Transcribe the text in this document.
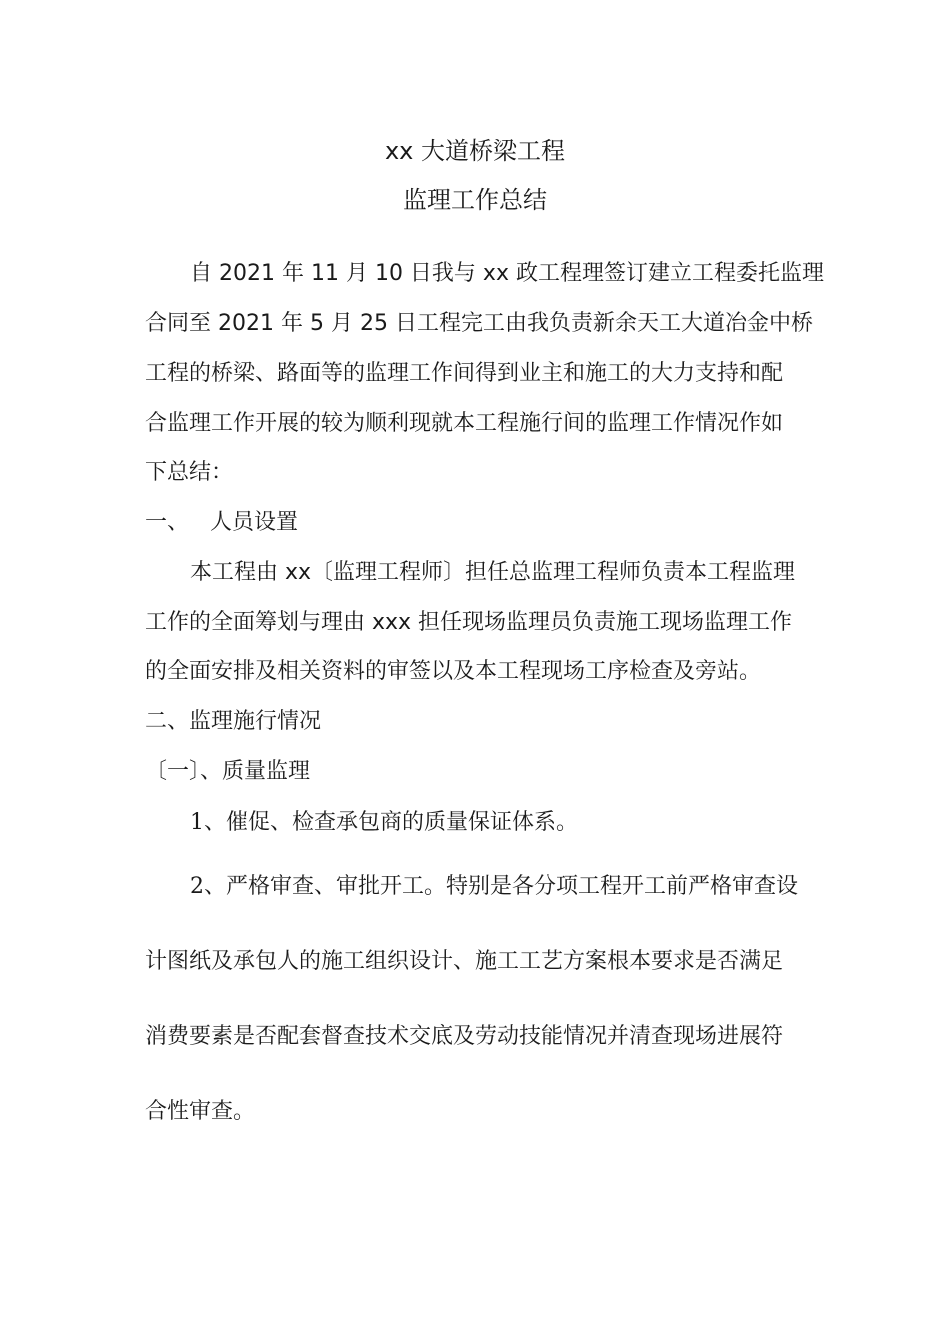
xx 大道桥梁工程
监理工作总结
自 2021 年 11 月 10 日我与 xx 政工程理签订建立工程委托监理
合同至 2021 年 5 月 25 日工程完工由我负责新余天工大道冶金中桥
工程的桥梁、路面等的监理工作间得到业主和施工的大力支持和配
合监理工作开展的较为顺利现就本工程施行间的监理工作情况作如
下总结：
一、   人员设置
本工程由 xx〔监理工程师〕担任总监理工程师负责本工程监理
工作的全面筹划与理由 xxx 担任现场监理员负责施工现场监理工作
的全面安排及相关资料的审签以及本工程现场工序检查及旁站。
二、监理施行情况
〔一〕、质量监理
1、催促、检查承包商的质量保证体系。
2、严格审查、审批开工。特别是各分项工程开工前严格审查设
计图纸及承包人的施工组织设计、施工工艺方案根本要求是否满足
消费要素是否配套督查技术交底及劳动技能情况并清查现场进展符
合性审查。
